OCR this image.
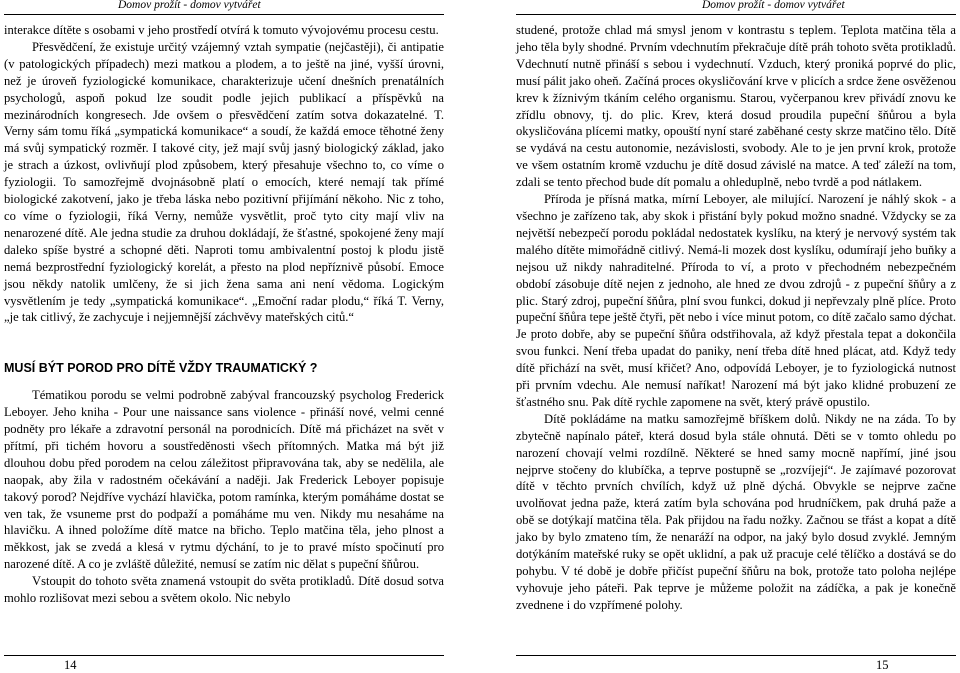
Domov prožít - domov vytvářet

interakce dítěte s osobami v jeho prostředí otvírá k tomuto vývojovému procesu cestu.

Přesvědčení, že existuje určitý vzájemný vztah sympatie (nejčastěji), či antipatie (v patologických případech) mezi matkou a plodem, a to ještě na jiné, vyšší úrovni, než je úroveň fyziologické komunikace, charakterizuje učení dnešních prenatálních psychologů, aspoň pokud lze soudit podle jejich publikací a příspěvků na mezinárodních kongresech. Jde ovšem o přesvědčení zatím sotva dokazatelné. T. Verny sám tomu říká „sympatická komunikace“ a soudí, že každá emoce těhotné ženy má svůj sympatický rozměr. I takové city, jež mají svůj jasný biologický základ, jako je strach a úzkost, ovlivňují plod způsobem, který přesahuje všechno to, co víme o fyziologii. To samozřejmě dvojnásobně platí o emocích, které nemají tak přímé biologické zakotvení, jako je třeba láska nebo pozitivní přijímání někoho. Nic z toho, co víme o fyziologii, říká Verny, nemůže vysvětlit, proč tyto city mají vliv na nenarozené dítě. Ale jedna studie za druhou dokládají, že šťastné, spokojené ženy mají daleko spíše bystré a schopné děti. Naproti tomu ambivalentní postoj k plodu jistě nemá bezprostřední fyziologický korelát, a přesto na plod nepříznivě působí. Emoce jsou někdy natolik umlčeny, že si jich žena sama ani není vědoma. Logickým vysvětlením je tedy „sympatická komunikace“. „Emoční radar plodu,“ říká T. Verny, „je tak citlivý, že zachycuje i nejjemnější záchvěvy mateřských citů.“

MUSÍ BÝT POROD PRO DÍTĚ VŽDY TRAUMATICKÝ ?

Tématikou porodu se velmi podrobně zabýval francouzský psycholog Frederick Leboyer. Jeho kniha - Pour une naissance sans violence - přináší nové, velmi cenné podněty pro lékaře a zdravotní personál na porodnicích. Dítě má přicházet na svět v přítmí, při tichém hovoru a soustředěnosti všech přítomných. Matka má být již dlouhou dobu před porodem na celou záležitost připravována tak, aby se nedělila, ale naopak, aby žila v radostném očekávání a naději. Jak Frederick Leboyer popisuje takový porod? Nejdříve vychází hlavička, potom ramínka, kterým pomáháme dostat se ven tak, že vsuneme prst do podpaží a pomáháme mu ven. Nikdy mu nesaháme na hlavičku. A ihned položíme dítě matce na břicho. Teplo matčina těla, jeho plnost a měkkost, jak se zvedá a klesá v rytmu dýchání, to je to pravé místo spočinutí pro narozené dítě. A co je zvláště důležité, nemusí se zatím nic dělat s pupeční šňůrou.

Vstoupit do tohoto světa znamená vstoupit do světa protikladů. Dítě dosud sotva mohlo rozlišovat mezi sebou a světem okolo. Nic nebylo

14
Domov prožít - domov vytvářet

studené, protože chlad má smysl jenom v kontrastu s teplem. Teplota matčina těla a jeho těla byly shodné. Prvním vdechnutím překračuje dítě práh tohoto světa protikladů. Vdechnutí nutně přináší s sebou i vydechnutí. Vzduch, který proniká poprvé do plic, musí pálit jako oheň. Začíná proces okysličování krve v plicích a srdce žene osvěženou krev k žíznivým tkáním celého organismu. Starou, vyčerpanou krev přivádí znovu ke zřídlu obnovy, tj. do plic. Krev, která dosud proudila pupeční šňůrou a byla okysličována plícemi matky, opouští nyní staré zaběhané cesty skrze matčino tělo. Dítě se vydává na cestu autonomie, nezávislosti, svobody. Ale to je jen první krok, protože ve všem ostatním kromě vzduchu je dítě dosud závislé na matce. A teď záleží na tom, zdali se tento přechod bude dít pomalu a ohleduplně, nebo tvrdě a pod nátlakem.

Příroda je přísná matka, mírní Leboyer, ale milující. Narození je náhlý skok - a všechno je zařízeno tak, aby skok i přistání byly pokud možno snadné. Vždycky se za největší nebezpečí porodu pokládal nedostatek kyslíku, na který je nervový systém tak malého dítěte mimořádně citlivý. Nemá-li mozek dost kyslíku, odumírají jeho buňky a nejsou už nikdy nahraditelné. Příroda to ví, a proto v přechodném nebezpečném období zásobuje dítě nejen z jednoho, ale hned ze dvou zdrojů - z pupeční šňůry a z plic. Starý zdroj, pupeční šňůra, plní svou funkci, dokud ji nepřevzaly plně plíce. Proto pupeční šňůra tepe ještě čtyři, pět nebo i více minut potom, co dítě začalo samo dýchat. Je proto dobře, aby se pupeční šňůra odstřihovala, až když přestala tepat a dokončila svou funkci. Není třeba upadat do paniky, není třeba dítě hned plácat, atd. Když tedy dítě přichází na svět, musí křičet? Ano, odpovídá Leboyer, je to fyziologická nutnost při prvním vdechu. Ale nemusí naříkat! Narození má být jako klidné probuzení ze šťastného snu. Pak dítě rychle zapomene na svět, který právě opustilo.

Dítě pokládáme na matku samozřejmě bříškem dolů. Nikdy ne na záda. To by zbytečně napínalo páteř, která dosud byla stále ohnutá. Děti se v tomto ohledu po narození chovají velmi rozdílně. Některé se hned samy mocně napřímí, jiné jsou nejprve stočeny do klubíčka, a teprve postupně se „rozvíjejí“. Je zajímavé pozorovat dítě v těchto prvních chvílích, když už plně dýchá. Obvykle se nejprve začne uvolňovat jedna paže, která zatím byla schována pod hrudníčkem, pak druhá paže a obě se dotýkají matčina těla. Pak přijdou na řadu nožky. Začnou se třást a kopat a dítě jako by bylo zmateno tím, že nenaráží na odpor, na jaký bylo dosud zvyklé. Jemným dotýkáním mateřské ruky se opět uklidní, a pak už pracuje celé tělíčko a dostává se do pohybu. V té době je dobře přičíst pupeční šňůru na bok, protože tato poloha nejlépe vyhovuje jeho páteři. Pak teprve je můžeme položit na zádíčka, a pak je konečně zvednene i do vzpřímené polohy.

15
